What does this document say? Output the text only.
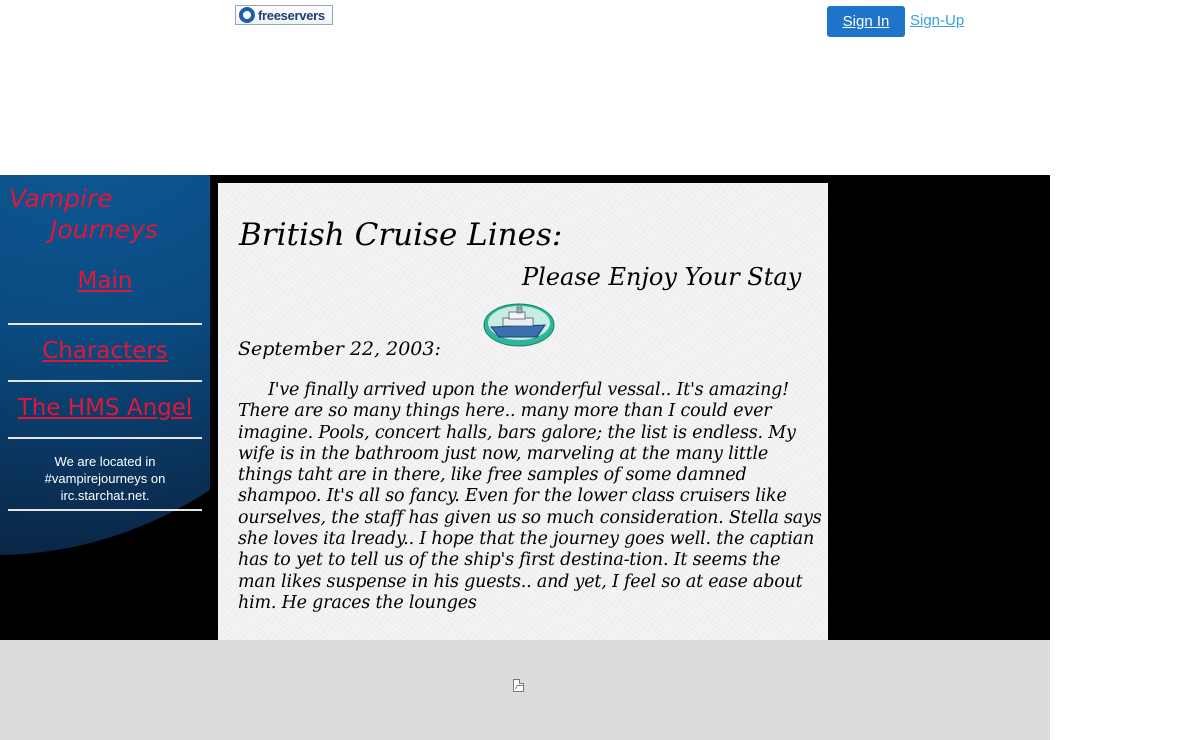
freeservers	Sign In	Sign-Up
Vampire
Journeys
Main
Characters
The HMS Angel
We are located in #vampirejourneys on irc.starchat.net.
British Cruise Lines:
Please Enjoy Your Stay
September 22, 2003:

I've finally arrived upon the wonderful vessal.. It's amazing! There are so many things here.. many more than I could ever imagine. Pools, concert halls, bars galore; the list is endless. My wife is in the bathroom just now, marveling at the many little things taht are in there, like free samples of some damned shampoo. It's all so fancy. Even for the lower class cruisers like ourselves, the staff has given us so much consideration. Stella says she loves ita lready.. I hope that the journey goes well. the captian has to yet to tell us of the ship's first destina-tion. It seems the man likes suspense in his guests.. and yet, I feel so at ease about him. He graces the lounges
